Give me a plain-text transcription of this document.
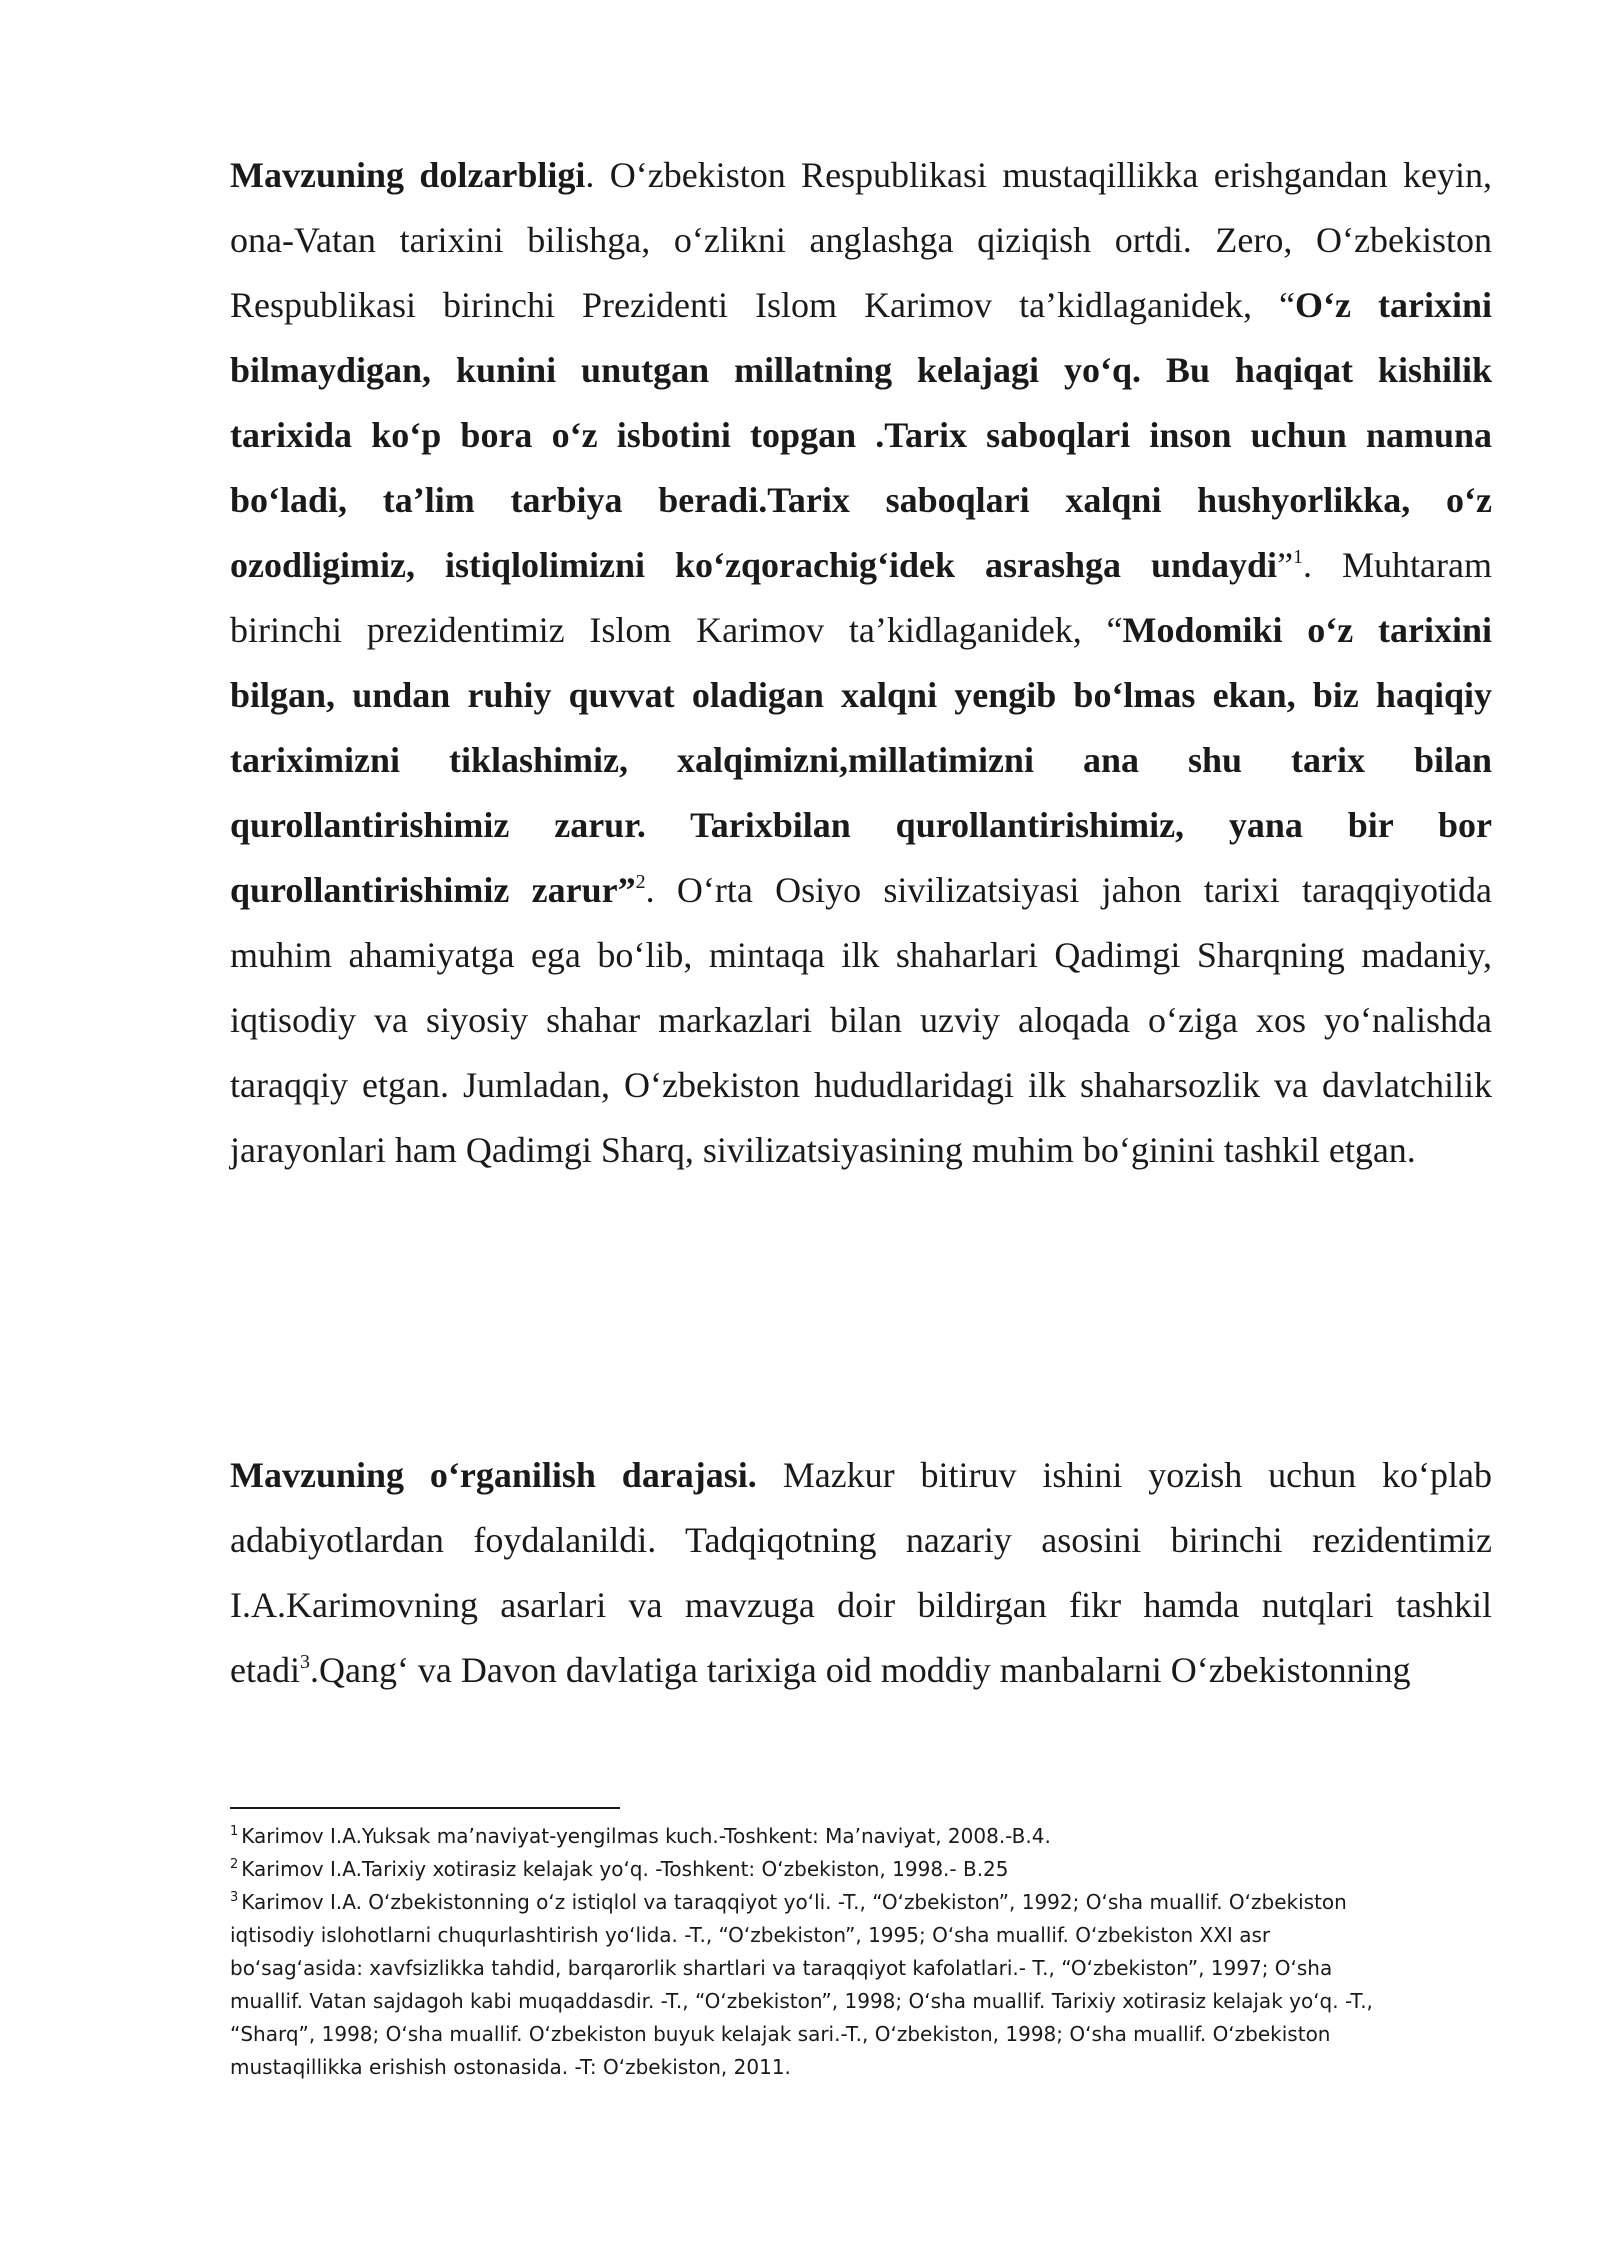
Mavzuning dolzarbligi. Oʻzbekiston Respublikasi mustaqillikka erishgandan keyin, ona-Vatan tarixini bilishga, oʻzlikni anglashga qiziqish ortdi. Zero, Oʻzbekiston Respublikasi birinchi Prezidenti Islom Karimov ta’kidlaganidek, “Oʻz tarixini bilmaydigan, kunini unutgan millatning kelajagi yoʻq. Bu haqiqat kishilik tarixida koʻp bora oʻz isbotini topgan .Tarix saboqlari inson uchun namuna boʻladi, ta’lim tarbiya beradi.Tarix saboqlari xalqni hushyorlikka, oʻz ozodligimiz, istiqlolimizni koʻzqorachigʻidek asrashga undaydi”$^1$. Muhtaram birinchi prezidentimiz Islom Karimov ta’kidlaganidek, “Modomiki oʻz tarixini bilgan, undan ruhiy quvvat oladigan xalqni yengib boʻlmas ekan, biz haqiqiy tariximizni tiklashimiz, xalqimizni,millatimizni ana shu tarix bilan qurollantirishimiz zarur. Tarixbilan qurollantirishimiz, yana bir bor qurollantirishimiz zarur”$^2$. Oʻrta Osiyo sivilizatsiyasi jahon tarixi taraqqiyotida muhim ahamiyatga ega boʻlib, mintaqa ilk shaharlari Qadimgi Sharqning madaniy, iqtisodiy va siyosiy shahar markazlari bilan uzviy aloqada oʻziga xos yoʻnalishda taraqqiy etgan. Jumladan, Oʻzbekiston hududlaridagi ilk shaharsozlik va davlatchilik jarayonlari ham Qadimgi Sharq, sivilizatsiyasining muhim boʻginini tashkil etgan.

Mavzuning oʻrganilish darajasi. Mazkur bitiruv ishini yozish uchun koʻplab adabiyotlardan foydalanildi. Tadqiqotning nazariy asosini birinchi rezidentimiz I.A.Karimovning asarlari va mavzuga doir bildirgan fikr hamda nutqlari tashkil etadi$^3$.Qangʻ va Davon davlatiga tarixiga oid moddiy manbalarni Oʻzbekistonning

$^1$ Karimov I.A.Yuksak ma’naviyat-yengilmas kuch.-Toshkent: Ma’naviyat, 2008.-B.4.

$^2$ Karimov I.A.Tarixiy xotirasiz kelajak yoʻq. -Toshkent: Oʻzbekiston, 1998.- B.25

$^3$ Karimov I.A. Oʻzbekistonning oʻz istiqlol va taraqqiyot yoʻli. -T., “Oʻzbekiston”, 1992; Oʻsha muallif. Oʻzbekiston iqtisodiy islohotlarni chuqurlashtirish yoʻlida. -T., “Oʻzbekiston”, 1995; Oʻsha muallif. Oʻzbekiston XXI asr boʻsagʻasida: xavfsizlikka tahdid, barqarorlik shartlari va taraqqiyot kafolatlari.- T., “Oʻzbekiston”, 1997; Oʻsha muallif. Vatan sajdagoh kabi muqaddasdir. -T., “Oʻzbekiston”, 1998; Oʻsha muallif. Tarixiy xotirasiz kelajak yoʻq. -T., “Sharq”, 1998; Oʻsha muallif. Oʻzbekiston buyuk kelajak sari.-T., Oʻzbekiston, 1998; Oʻsha muallif. Oʻzbekiston mustaqillikka erishish ostonasida. -T: Oʻzbekiston, 2011.
